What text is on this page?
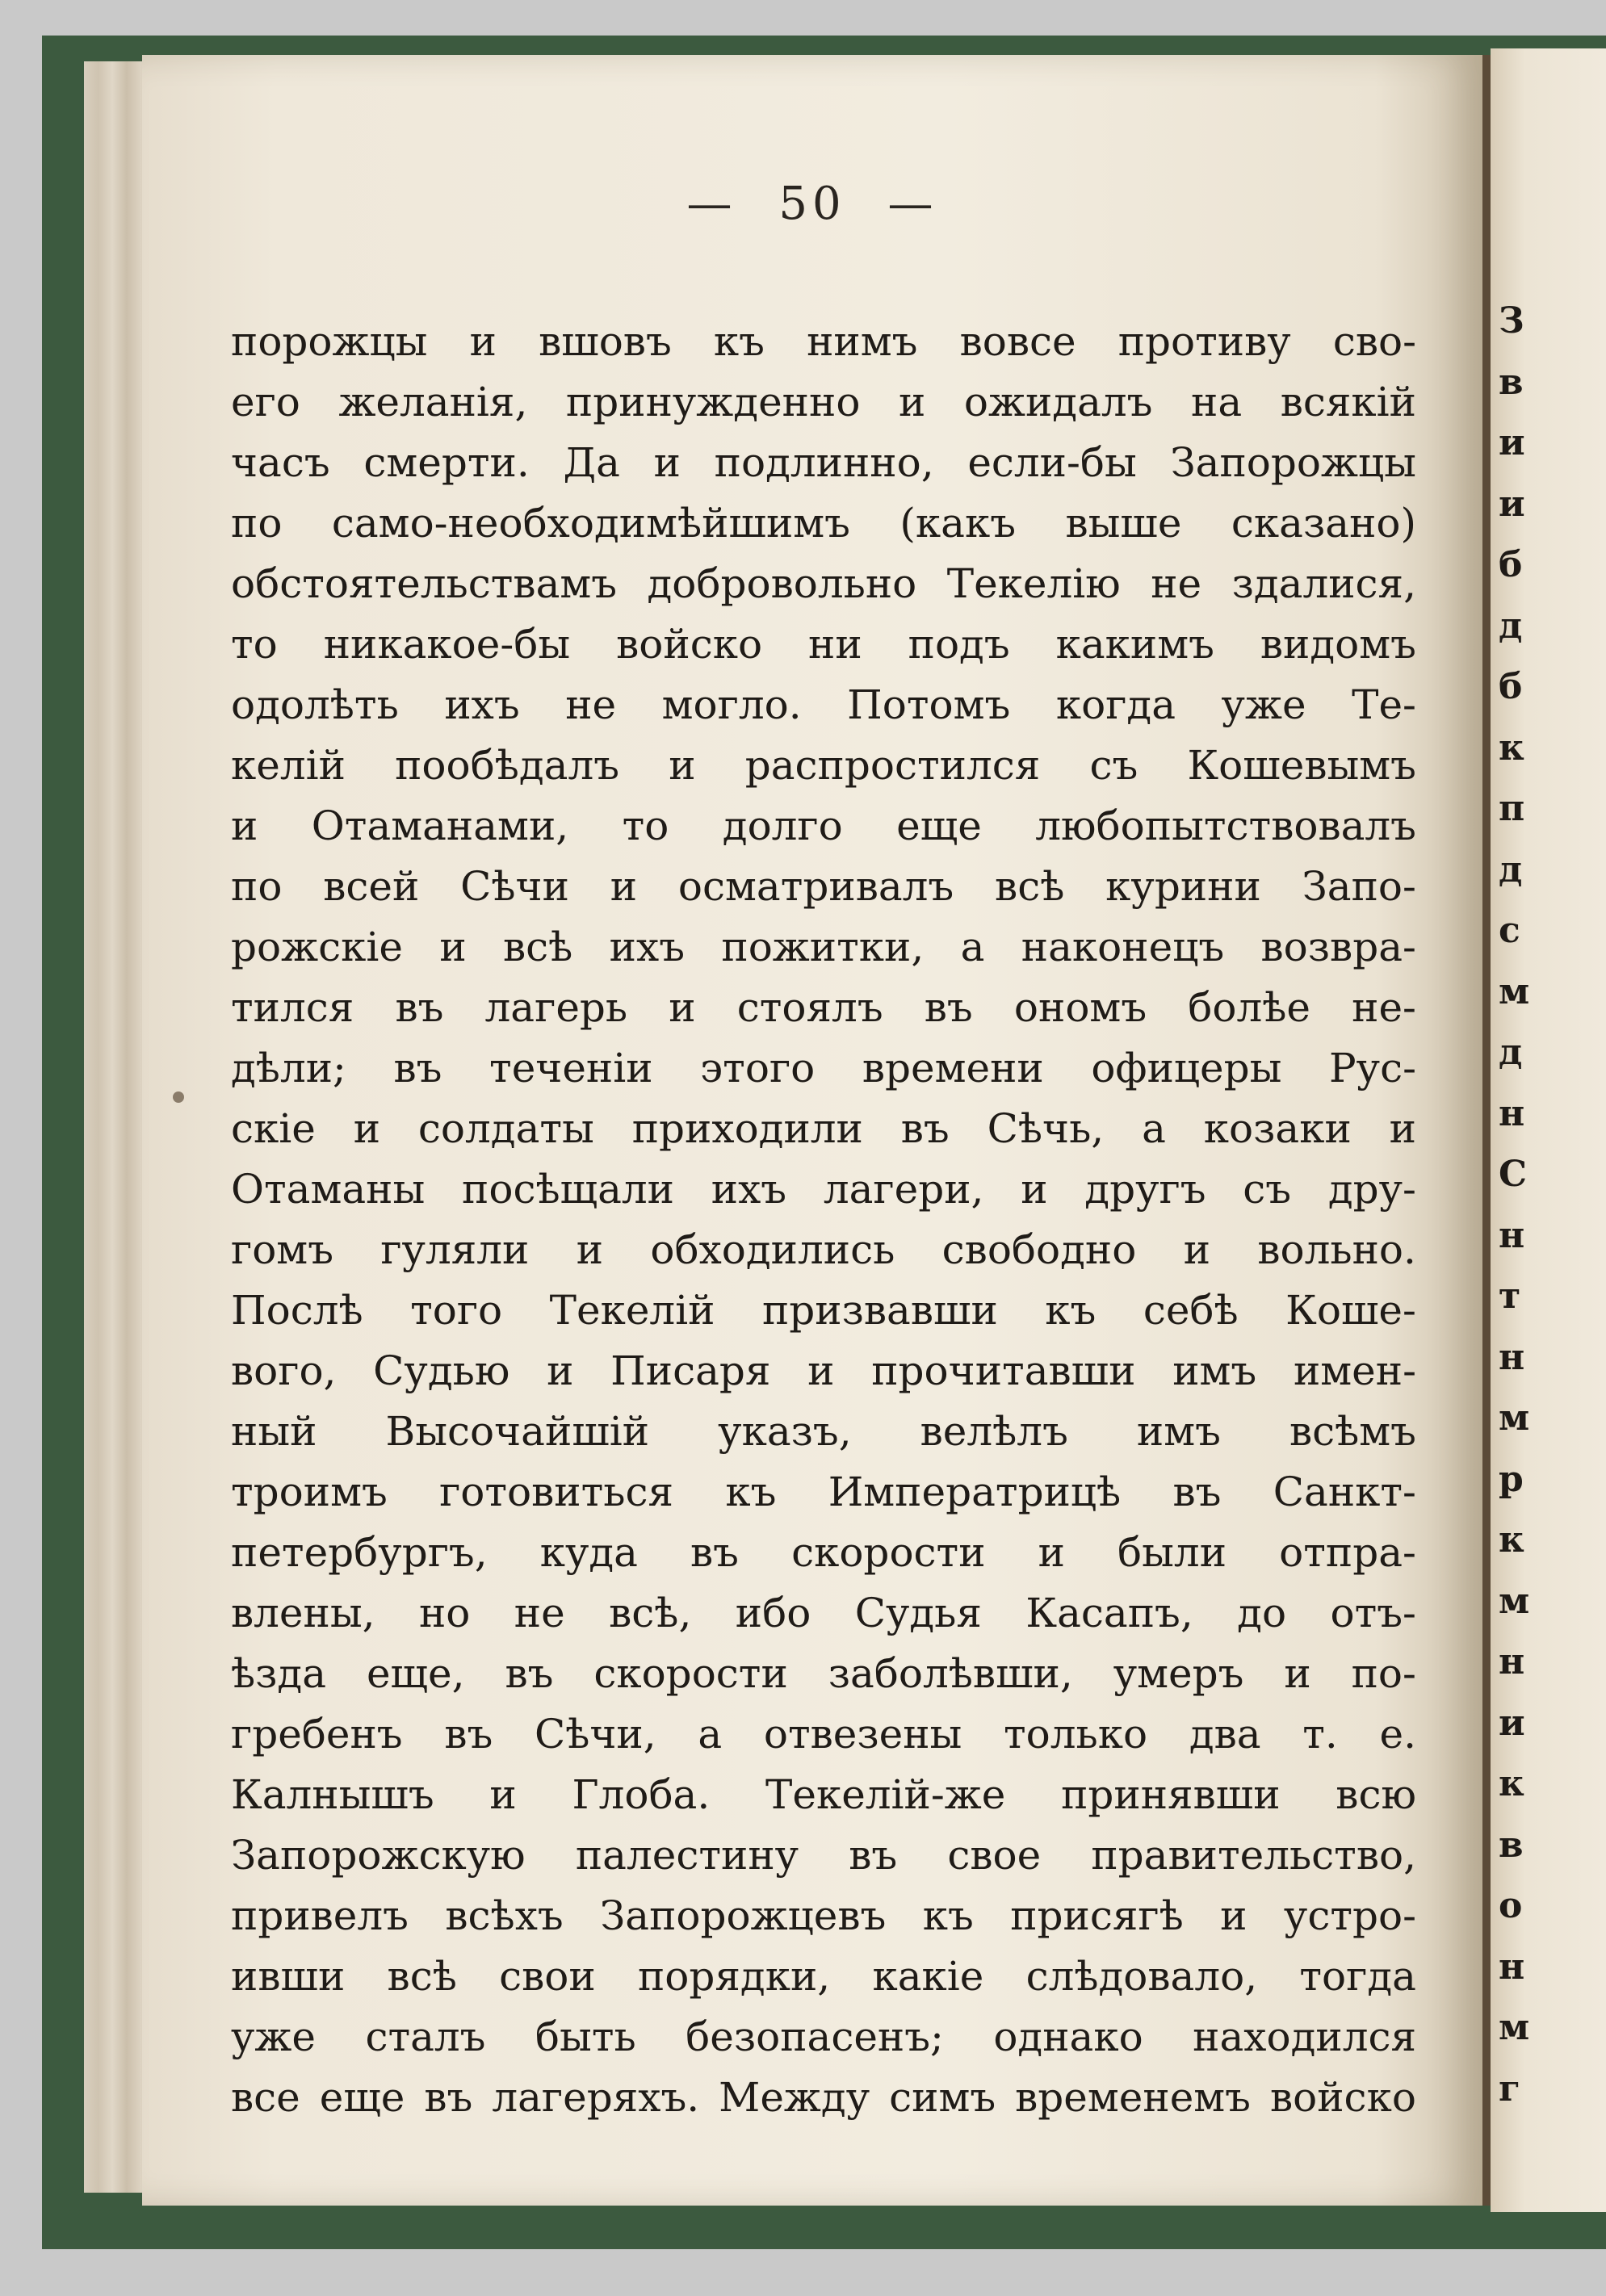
— 50 —
порожцы и вшовъ къ нимъ вовсе противу сво-
его желанія, принужденно и ожидалъ на всякій
часъ смерти. Да и подлинно, если-бы Запорожцы
по само-необходимѣйшимъ (какъ выше сказано)
обстоятельствамъ добровольно Текелію не здалися,
то никакое-бы войско ни подъ какимъ видомъ
одолѣть ихъ не могло. Потомъ когда уже Те-
келій пообѣдалъ и распростился съ Кошевымъ
и Отаманами, то долго еще любопытствовалъ
по всей Сѣчи и осматривалъ всѣ курини Запо-
рожскіе и всѣ ихъ пожитки, а наконецъ возвра-
тился въ лагерь и стоялъ въ ономъ болѣе не-
дѣли; въ теченіи этого времени офицеры Рус-
скіе и солдаты приходили въ Сѣчь, а козаки и
Отаманы посѣщали ихъ лагери, и другъ съ дру-
гомъ гуляли и обходились свободно и вольно.
Послѣ того Текелій призвавши къ себѣ Коше-
вого, Судью и Писаря и прочитавши имъ имен-
ный Высочайшій указъ, велѣлъ имъ всѣмъ
троимъ готовиться къ Императрицѣ въ Санкт-
петербургъ, куда въ скорости и были отпра-
влены, но не всѣ, ибо Судья Касапъ, до отъ-
ѣзда еще, въ скорости заболѣвши, умеръ и по-
гребенъ въ Сѣчи, а отвезены только два т. е.
Калнышъ и Глоба. Текелій-же принявши всю
Запорожскую палестину въ свое правительство,
привелъ всѣхъ Запорожцевъ къ присягѣ и устро-
ивши всѣ свои порядки, какіе слѣдовало, тогда
уже сталъ быть безопасенъ; однако находился
все еще въ лагеряхъ. Между симъ временемъ войско
З
в
и
и
б
д
б
к
п
д
с
м
д
н
С
н
т
н
м
р
к
м
н
и
к
в
о
н
м
г
